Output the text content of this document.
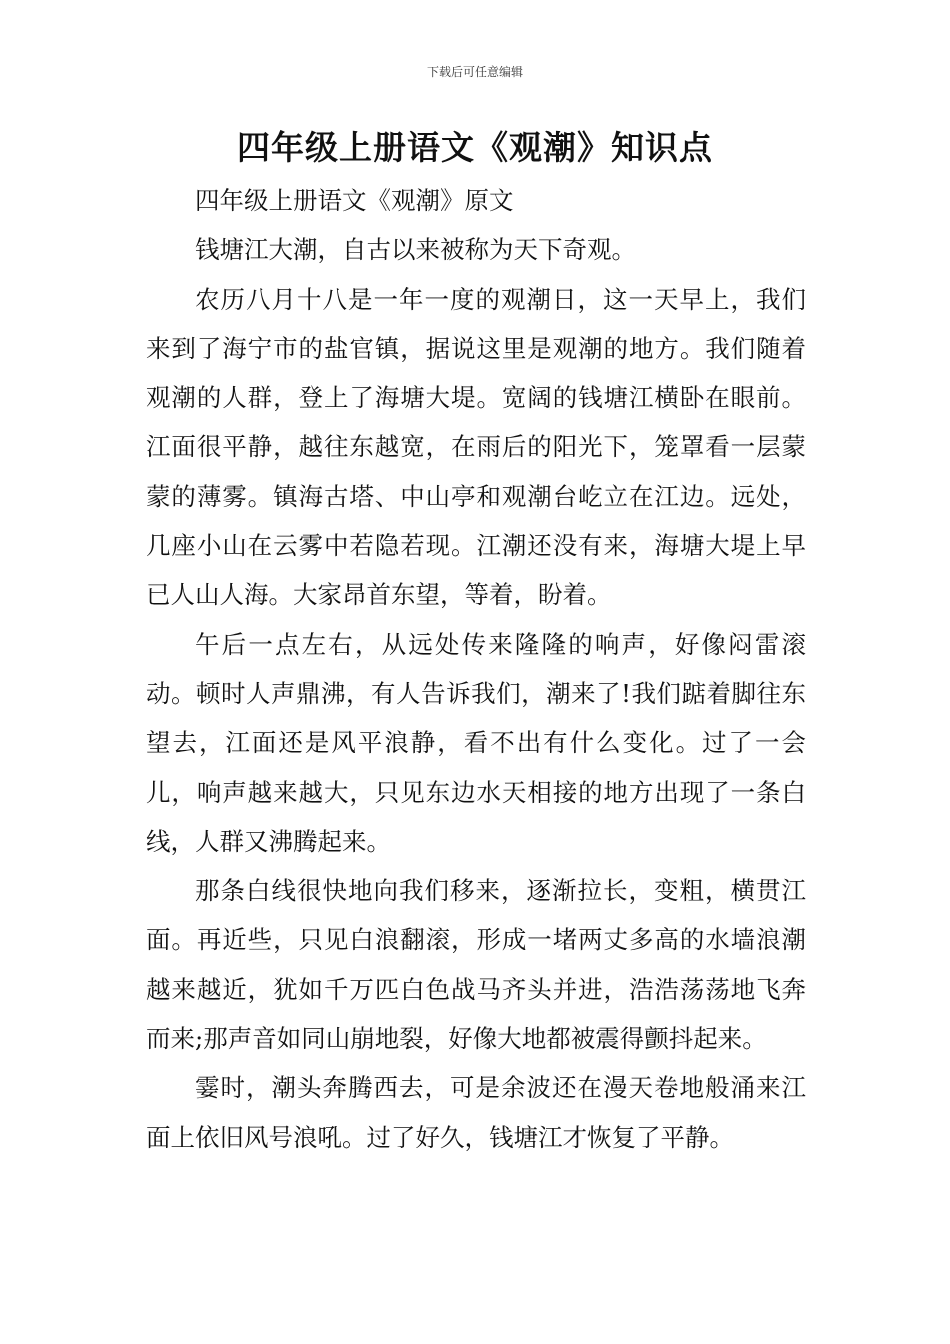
下载后可任意编辑
四年级上册语文《观潮》知识点

四年级上册语文《观潮》原文

钱塘江大潮，自古以来被称为天下奇观。

农历八月十八是一年一度的观潮日，这一天早上，我们来到了海宁市的盐官镇，据说这里是观潮的地方。我们随着观潮的人群，登上了海塘大堤。宽阔的钱塘江横卧在眼前。江面很平静，越往东越宽，在雨后的阳光下，笼罩看一层蒙蒙的薄雾。镇海古塔、中山亭和观潮台屹立在江边。远处，几座小山在云雾中若隐若现。江潮还没有来，海塘大堤上早已人山人海。大家昂首东望，等着，盼着。

午后一点左右，从远处传来隆隆的响声，好像闷雷滚动。顿时人声鼎沸，有人告诉我们，潮来了!我们踮着脚往东望去，江面还是风平浪静，看不出有什么变化。过了一会儿，响声越来越大，只见东边水天相接的地方出现了一条白线，人群又沸腾起来。

那条白线很快地向我们移来，逐渐拉长，变粗，横贯江面。再近些，只见白浪翻滚，形成一堵两丈多高的水墙浪潮越来越近，犹如千万匹白色战马齐头并进，浩浩荡荡地飞奔而来;那声音如同山崩地裂，好像大地都被震得颤抖起来。

霎时，潮头奔腾西去，可是余波还在漫天卷地般涌来江面上依旧风号浪吼。过了好久，钱塘江才恢复了平静。
